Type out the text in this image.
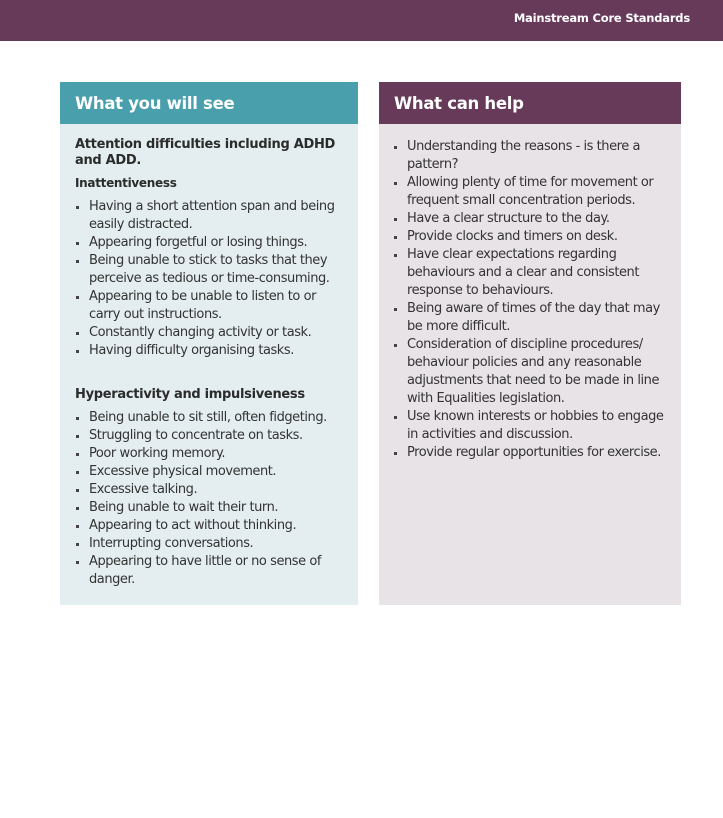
Mainstream Core Standards
What you will see

Attention difficulties including ADHD and ADD.

Inattentiveness

Having a short attention span and being easily distracted.
Appearing forgetful or losing things.
Being unable to stick to tasks that they perceive as tedious or time-consuming.
Appearing to be unable to listen to or carry out instructions.
Constantly changing activity or task.
Having difficulty organising tasks.

Hyperactivity and impulsiveness

Being unable to sit still, often fidgeting.
Struggling to concentrate on tasks.
Poor working memory.
Excessive physical movement.
Excessive talking.
Being unable to wait their turn.
Appearing to act without thinking.
Interrupting conversations.
Appearing to have little or no sense of danger.
What can help
Understanding the reasons - is there a pattern?
Allowing plenty of time for movement or frequent small concentration periods.
Have a clear structure to the day.
Provide clocks and timers on desk.
Have clear expectations regarding behaviours and a clear and consistent response to behaviours.
Being aware of times of the day that may be more difficult.
Consideration of discipline procedures/ behaviour policies and any reasonable adjustments that need to be made in line with Equalities legislation.
Use known interests or hobbies to engage in activities and discussion.
Provide regular opportunities for exercise.
